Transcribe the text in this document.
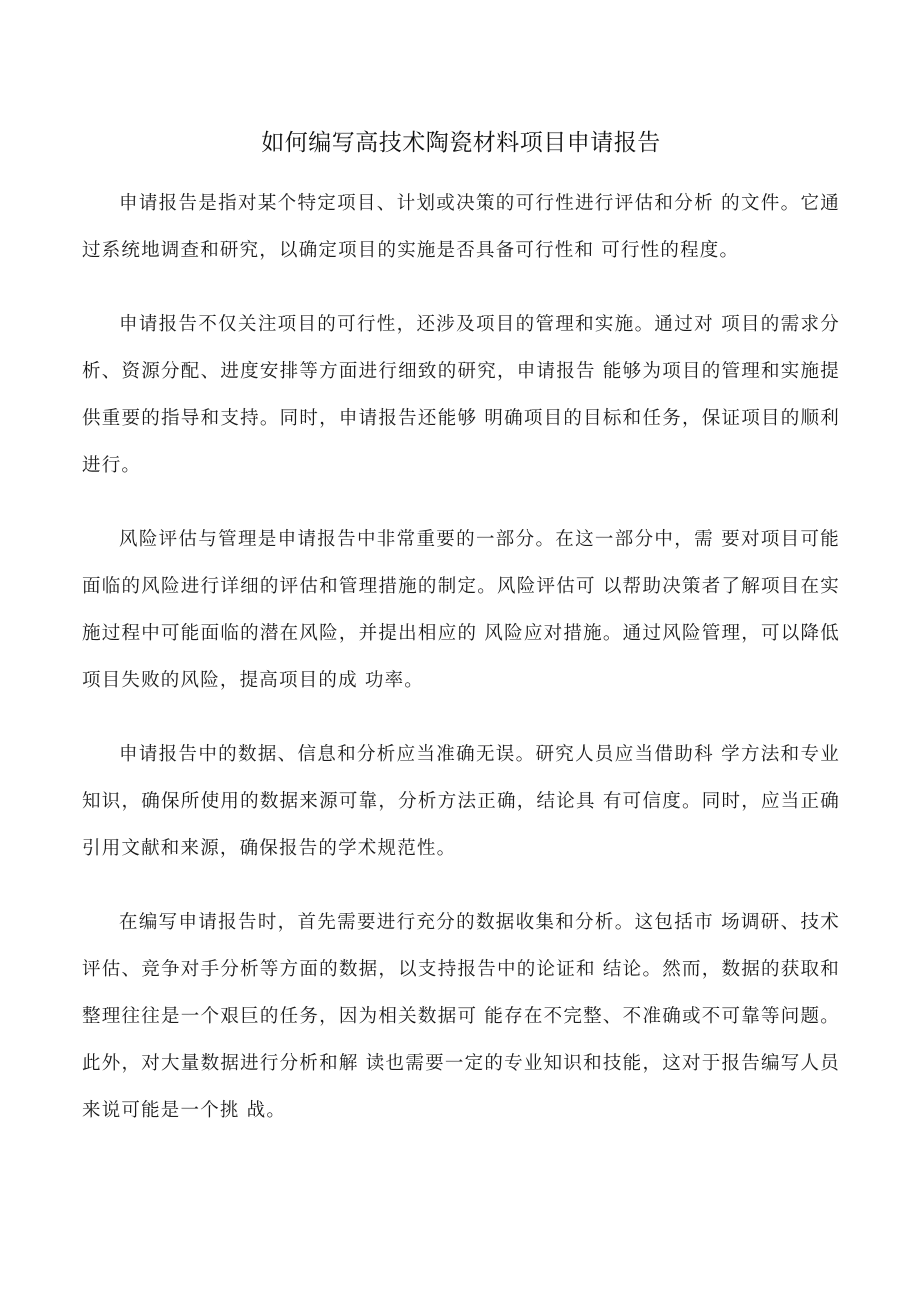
如何编写高技术陶瓷材料项目申请报告

申请报告是指对某个特定项目、计划或决策的可行性进行评估和分析 的文件。它通过系统地调查和研究，以确定项目的实施是否具备可行性和 可行性的程度。

申请报告不仅关注项目的可行性，还涉及项目的管理和实施。通过对 项目的需求分析、资源分配、进度安排等方面进行细致的研究，申请报告 能够为项目的管理和实施提供重要的指导和支持。同时，申请报告还能够 明确项目的目标和任务，保证项目的顺利进行。

风险评估与管理是申请报告中非常重要的一部分。在这一部分中，需 要对项目可能面临的风险进行详细的评估和管理措施的制定。风险评估可 以帮助决策者了解项目在实施过程中可能面临的潜在风险，并提出相应的 风险应对措施。通过风险管理，可以降低项目失败的风险，提高项目的成 功率。

申请报告中的数据、信息和分析应当准确无误。研究人员应当借助科 学方法和专业知识，确保所使用的数据来源可靠，分析方法正确，结论具 有可信度。同时，应当正确引用文献和来源，确保报告的学术规范性。

在编写申请报告时，首先需要进行充分的数据收集和分析。这包括市 场调研、技术评估、竞争对手分析等方面的数据，以支持报告中的论证和 结论。然而，数据的获取和整理往往是一个艰巨的任务，因为相关数据可 能存在不完整、不准确或不可靠等问题。此外，对大量数据进行分析和解 读也需要一定的专业知识和技能，这对于报告编写人员来说可能是一个挑 战。
